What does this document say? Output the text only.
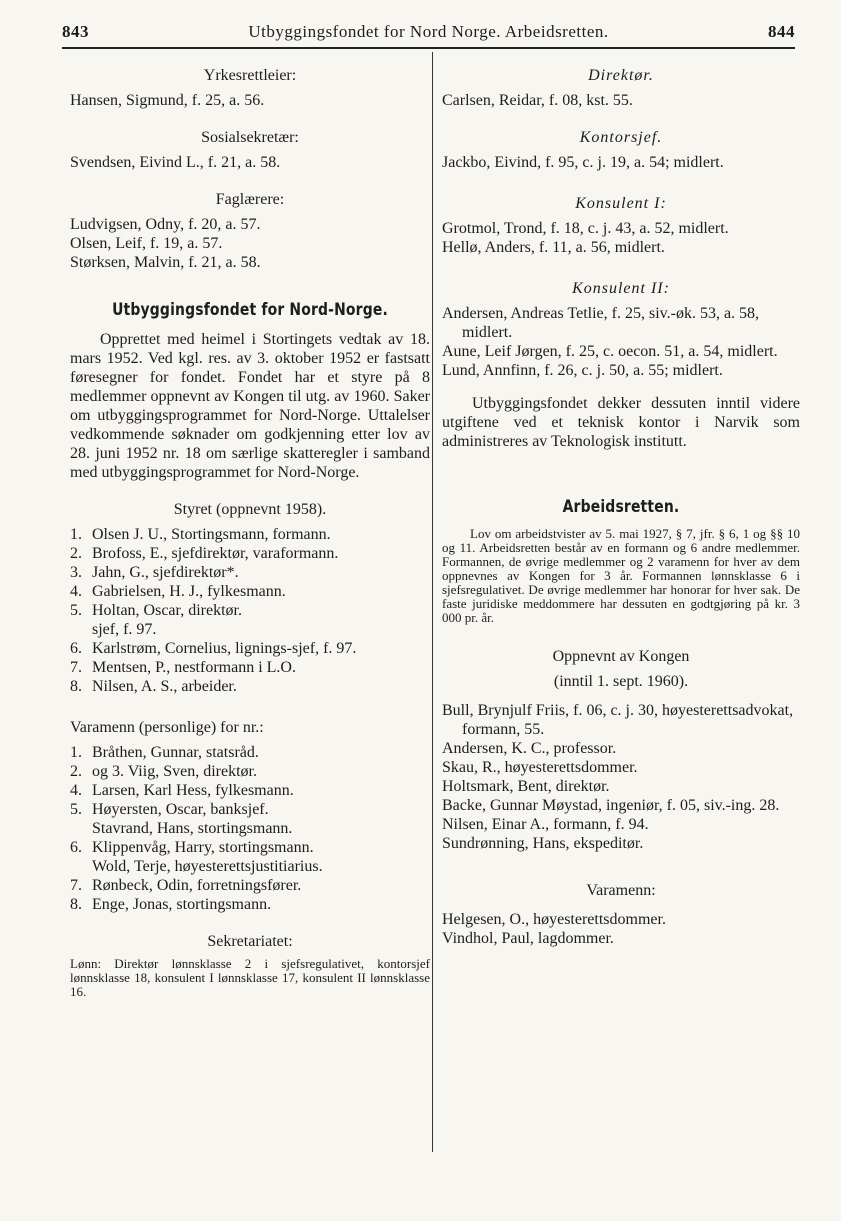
843	Utbyggingsfondet for Nord Norge. Arbeidsretten.	844

Yrkesrettleier:

Hansen, Sigmund, f. 25, a. 56.

Sosialsekretær:

Svendsen, Eivind L., f. 21, a. 58.

Faglærere:

Ludvigsen, Odny, f. 20, a. 57.

Olsen, Leif, f. 19, a. 57.

Størksen, Malvin, f. 21, a. 58.

Utbyggingsfondet for Nord-Norge.

Opprettet med heimel i Stortingets vedtak av 18. mars 1952. Ved kgl. res. av 3. oktober 1952 er fastsatt føresegner for fondet. Fondet har et styre på 8 medlemmer oppnevnt av Kongen til utg. av 1960. Saker om utbyggingsprogrammet for Nord-Norge. Uttalelser vedkommende søknader om godkjenning etter lov av 28. juni 1952 nr. 18 om særlige skatteregler i samband med utbyggingsprogrammet for Nord-Norge.

Styret (oppnevnt 1958).

1. Olsen J. U., Stortingsmann, formann.
2. Brofoss, E., sjefdirektør, varaformann.
3. Jahn, G., sjefdirektør*.
4. Gabrielsen, H. J., fylkesmann.
5. Holtan, Oscar, direktør.
sjef, f. 97.
6. Karlstrøm, Cornelius, lignings-sjef, f. 97.
7. Mentsen, P., nestformann i L.O.
8. Nilsen, A. S., arbeider.

Varamenn (personlige) for nr.:

1. Bråthen, Gunnar, statsråd.
2. og 3. Viig, Sven, direktør.
4. Larsen, Karl Hess, fylkesmann.
5. Høyersten, Oscar, banksjef.
Stavrand, Hans, stortingsmann.
6. Klippenvåg, Harry, stortingsmann.
Wold, Terje, høyesterettsjustitiarius.
7. Rønbeck, Odin, forretningsfører.
8. Enge, Jonas, stortingsmann.

Sekretariatet:

Lønn: Direktør lønnsklasse 2 i sjefsregulativet, kontorsjef lønnsklasse 18, konsulent I lønnsklasse 17, konsulent II lønnsklasse 16.

Direktør.

Carlsen, Reidar, f. 08, kst. 55.

Kontorsjef.

Jackbo, Eivind, f. 95, c. j. 19, a. 54; midlert.

Konsulent I:

Grotmol, Trond, f. 18, c. j. 43, a. 52, midlert.

Hellø, Anders, f. 11, a. 56, midlert.

Konsulent II:

Andersen, Andreas Tetlie, f. 25, siv.-øk. 53, a. 58, midlert.

Aune, Leif Jørgen, f. 25, c. oecon. 51, a. 54, midlert.

Lund, Annfinn, f. 26, c. j. 50, a. 55; midlert.

Utbyggingsfondet dekker dessuten inntil videre utgiftene ved et teknisk kontor i Narvik som administreres av Teknologisk institutt.

Arbeidsretten.

Lov om arbeidstvister av 5. mai 1927, § 7, jfr. § 6, 1 og §§ 10 og 11. Arbeidsretten består av en formann og 6 andre medlemmer. Formannen, de øvrige medlemmer og 2 varamenn for hver av dem oppnevnes av Kongen for 3 år. Formannen lønnsklasse 6 i sjefsregulativet. De øvrige medlemmer har honorar for hver sak. De faste juridiske meddommere har dessuten en godtgjøring på kr. 3 000 pr. år.

Oppnevnt av Kongen

(inntil 1. sept. 1960).

Bull, Brynjulf Friis, f. 06, c. j. 30, høyesterettsadvokat, formann, 55.

Andersen, K. C., professor.

Skau, R., høyesterettsdommer.

Holtsmark, Bent, direktør.

Backe, Gunnar Møystad, ingeniør, f. 05, siv.-ing. 28.

Nilsen, Einar A., formann, f. 94.

Sundrønning, Hans, ekspeditør.

Varamenn:

Helgesen, O., høyesterettsdommer.

Vindhol, Paul, lagdommer.
